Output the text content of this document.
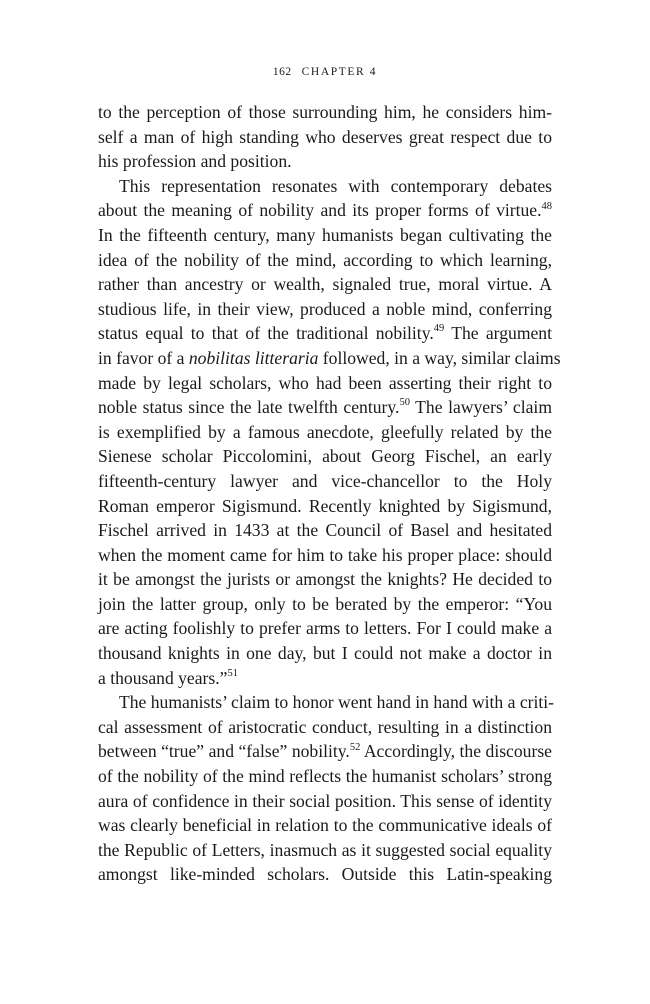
162 CHAPTER 4
to the perception of those surrounding him, he considers him-
self a man of high standing who deserves great respect due to
his profession and position.
This representation resonates with contemporary debates
about the meaning of nobility and its proper forms of virtue.$^{48}$
In the fifteenth century, many humanists began cultivating the
idea of the nobility of the mind, according to which learning,
rather than ancestry or wealth, signaled true, moral virtue. A
studious life, in their view, produced a noble mind, conferring
status equal to that of the traditional nobility.$^{49}$ The argument
in favor of a nobilitas litteraria followed, in a way, similar claims
made by legal scholars, who had been asserting their right to
noble status since the late twelfth century.$^{50}$ The lawyers’ claim
is exemplified by a famous anecdote, gleefully related by the
Sienese scholar Piccolomini, about Georg Fischel, an early
fifteenth-century lawyer and vice-chancellor to the Holy
Roman emperor Sigismund. Recently knighted by Sigismund,
Fischel arrived in 1433 at the Council of Basel and hesitated
when the moment came for him to take his proper place: should
it be amongst the jurists or amongst the knights? He decided to
join the latter group, only to be berated by the emperor: “You
are acting foolishly to prefer arms to letters. For I could make a
thousand knights in one day, but I could not make a doctor in
a thousand years.”$^{51}$
The humanists’ claim to honor went hand in hand with a criti-
cal assessment of aristocratic conduct, resulting in a distinction
between “true” and “false” nobility.$^{52}$ Accordingly, the discourse
of the nobility of the mind reflects the humanist scholars’ strong
aura of confidence in their social position. This sense of identity
was clearly beneficial in relation to the communicative ideals of
the Republic of Letters, inasmuch as it suggested social equality
amongst like-minded scholars. Outside this Latin-speaking
